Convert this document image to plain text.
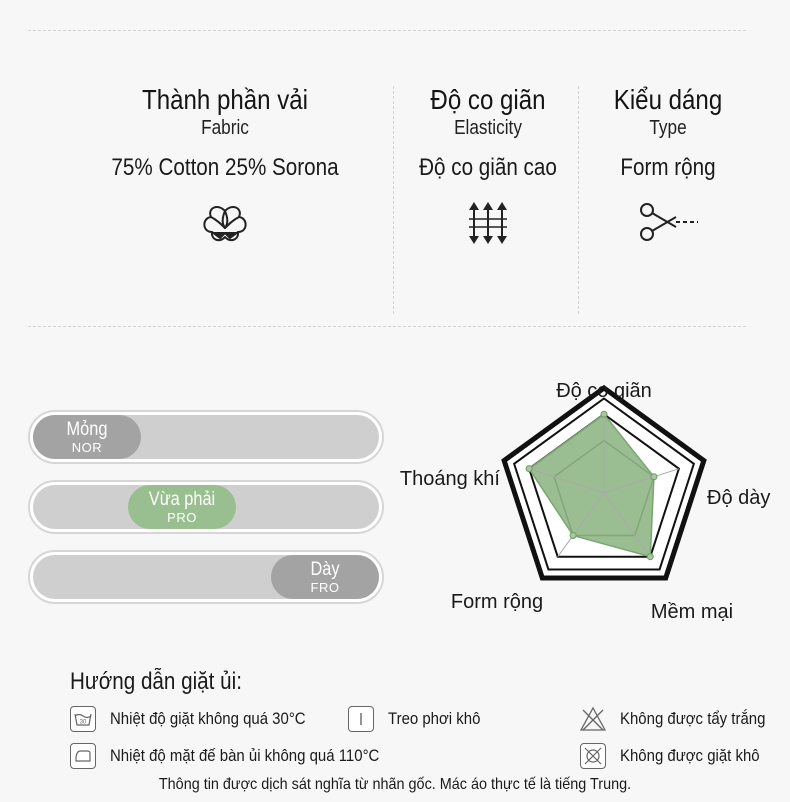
Thành phần vải
Fabric
75% Cotton 25% Sorona
Độ co giãn
Elasticity
Độ co giãn cao
Kiểu dáng
Type
Form rộng
Mỏng
NOR
Vừa phải
PRO
Dày
FRO
Độ co giãn
Độ dày
Mềm mại
Form rộng
Thoáng khí
Hướng dẫn giặt ủi:
30 Nhiệt độ giặt không quá 30°C	Treo phơi khô	Không được tẩy trắng
Nhiệt độ mặt đế bàn ủi không quá 110°C	Không được giặt khô
Thông tin được dịch sát nghĩa từ nhãn gốc. Mác áo thực tế là tiếng Trung.
